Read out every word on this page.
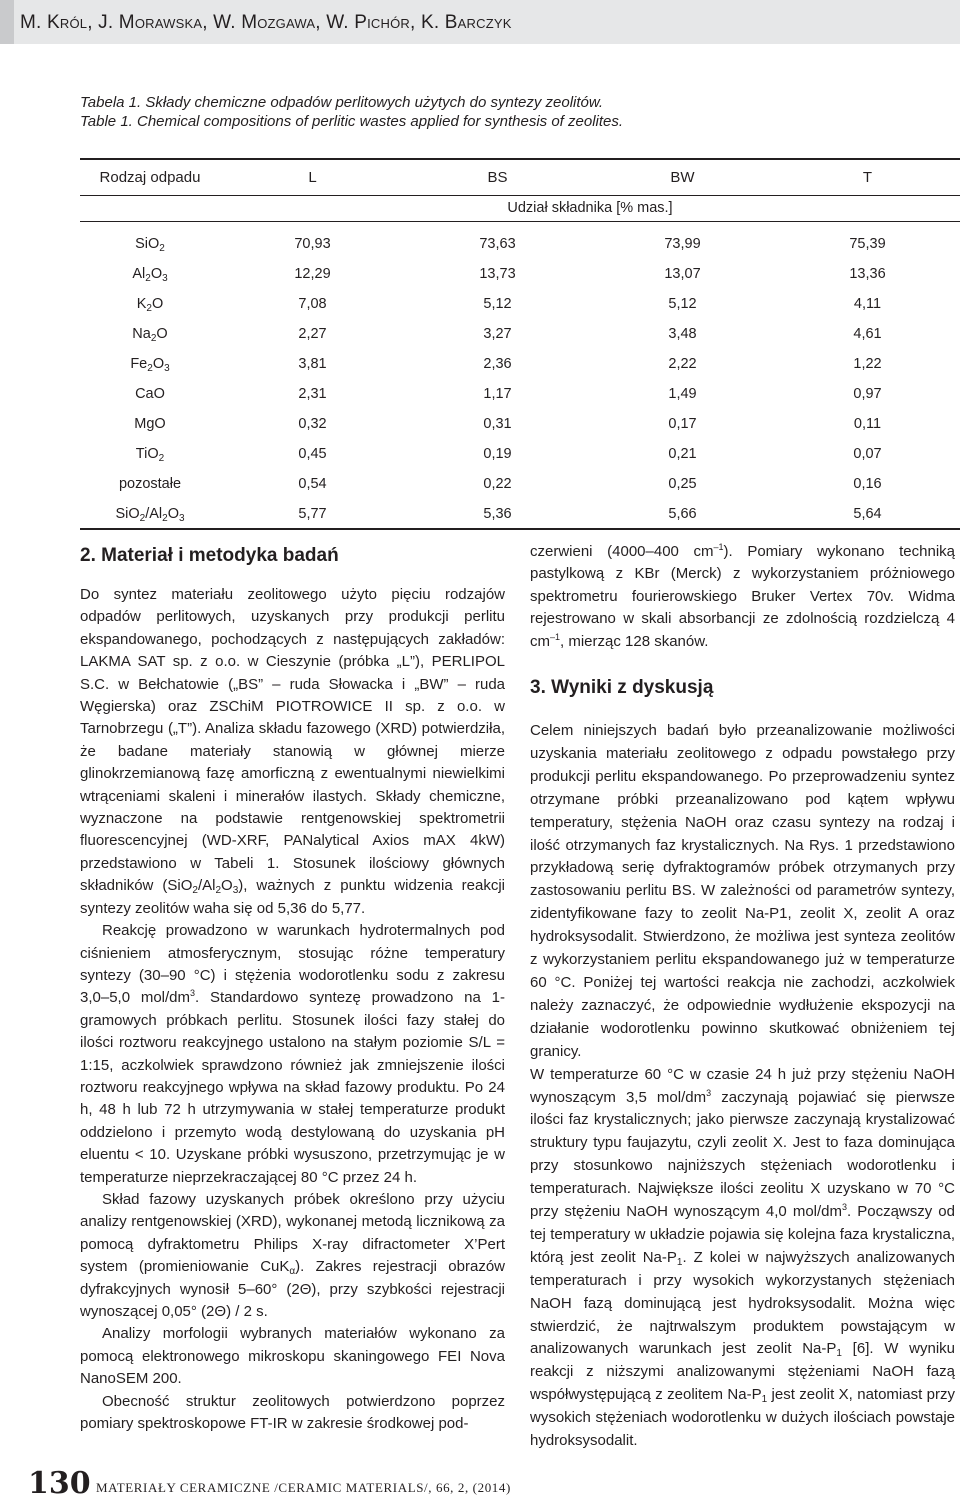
M. Król, J. Morawska, W. Mozgawa, W. Pichór, K. Barczyk
Tabela 1. Składy chemiczne odpadów perlitowych użytych do syntezy zeolitów.
Table 1. Chemical compositions of perlitic wastes applied for synthesis of zeolites.
Rodzaj odpadu	L	BS	BW	T
	Udział składnika [% mas.]			

SiO$_2$	70,93	73,63	73,99	75,39
$Al_2O_3$	12,29	13,73	13,07	13,36
$K_2O$	7,08	5,12	5,12	4,11
$Na_2O$	2,27	3,27	3,48	4,61
$Fe_2O_3$	3,81	2,36	2,22	1,22
CaO	2,31	1,17	1,49	0,97
MgO	0,32	0,31	0,17	0,11
TiO$_2$	0,45	0,19	0,21	0,07
pozostałe	0,54	0,22	0,25	0,16
$SiO_2/Al_2O_3$	5,77	5,36	5,66	5,64
2. Materiał i metodyka badań

Do syntez materiału zeolitowego użyto pięciu rodzajów odpadów perlitowych, uzyskanych przy produkcji perlitu ekspandowanego, pochodzących z następujących zakładów: LAKMA SAT sp. z o.o. w Cieszynie (próbka „L”), PERLIPOL S.C. w Bełchatowie („BS” – ruda Słowacka i „BW” – ruda Węgierska) oraz ZSChiM PIOTROWICE II sp. z o.o. w Tarnobrzegu („T”). Analiza składu fazowego (XRD) potwierdziła, że badane materiały stanowią w głównej mierze glinokrzemianową fazę amorficzną z ewentualnymi niewielkimi wtrąceniami skaleni i minerałów ilastych. Składy chemiczne, wyznaczone na podstawie rentgenowskiej spektrometrii fluorescencyjnej (WD-XRF, PANalytical Axios mAX 4kW) przedstawiono w Tabeli 1. Stosunek ilościowy głównych składników $(SiO_2/Al_2O_3)$, ważnych z punktu widzenia reakcji syntezy zeolitów waha się od 5,36 do 5,77.

Reakcję prowadzono w warunkach hydrotermalnych pod ciśnieniem atmosferycznym, stosując różne temperatury syntezy (30–90 °C) i stężenia wodorotlenku sodu z zakresu 3,0–5,0 mol/$dm^3$. Standardowo syntezę prowadzono na 1-gramowych próbkach perlitu. Stosunek ilości fazy stałej do ilości roztworu reakcyjnego ustalono na stałym poziomie S/L = 1:15, aczkolwiek sprawdzono również jak zmniejszenie ilości roztworu reakcyjnego wpływa na skład fazowy produktu. Po 24 h, 48 h lub 72 h utrzymywania w stałej temperaturze produkt oddzielono i przemyto wodą destylowaną do uzyskania pH eluentu < 10. Uzyskane próbki wysuszono, przetrzymując je w temperaturze nieprzekraczającej 80 °C przez 24 h.

Skład fazowy uzyskanych próbek określono przy użyciu analizy rentgenowskiej (XRD), wykonanej metodą licznikową za pomocą dyfraktometru Philips X-ray difractometer X’Pert system (promieniowanie CuK$_\alpha$). Zakres rejestracji obrazów dyfrakcyjnych wynosił 5–60° (2Θ), przy szybkości rejestracji wynoszącej 0,05° (2Θ) / 2 s.

Analizy morfologii wybranych materiałów wykonano za pomocą elektronowego mikroskopu skaningowego FEI Nova NanoSEM 200.

Obecność struktur zeolitowych potwierdzono poprzez pomiary spektroskopowe FT-IR w zakresie środkowej pod-

czerwieni (4000–400 $cm^{-1}$). Pomiary wykonano techniką pastylkową z KBr (Merck) z wykorzystaniem próżniowego spektrometru fourierowskiego Bruker Vertex 70v. Widma rejestrowano w skali absorbancji ze zdolnością rozdzielczą 4 $cm^{-1}$, mierząc 128 skanów.

3. Wyniki z dyskusją

Celem niniejszych badań było przeanalizowanie możliwości uzyskania materiału zeolitowego z odpadu powstałego przy produkcji perlitu ekspandowanego. Po przeprowadzeniu syntez otrzymane próbki przeanalizowano pod kątem wpływu temperatury, stężenia NaOH oraz czasu syntezy na rodzaj i ilość otrzymanych faz krystalicznych. Na Rys. 1 przedstawiono przykładową serię dyfraktogramów próbek otrzymanych przy zastosowaniu perlitu BS. W zależności od parametrów syntezy, zidentyfikowane fazy to zeolit Na-P1, zeolit X, zeolit A oraz hydroksysodalit. Stwierdzono, że możliwa jest synteza zeolitów z wykorzystaniem perlitu ekspandowanego już w temperaturze 60 °C. Poniżej tej wartości reakcja nie zachodzi, aczkolwiek należy zaznaczyć, że odpowiednie wydłużenie ekspozycji na działanie wodorotlenku powinno skutkować obniżeniem tej granicy.

W temperaturze 60 °C w czasie 24 h już przy stężeniu NaOH wynoszącym 3,5 mol/$dm^3$ zaczynają pojawiać się pierwsze ilości faz krystalicznych; jako pierwsze zaczynają krystalizować struktury typu faujazytu, czyli zeolit X. Jest to faza dominująca przy stosunkowo najniższych stężeniach wodorotlenku i temperaturach. Największe ilości zeolitu X uzyskano w 70 °C przy stężeniu NaOH wynoszącym 4,0 mol/$dm^3$. Począwszy od tej temperatury w układzie pojawia się kolejna faza krystaliczna, którą jest zeolit $Na-P_1$. Z kolei w najwyższych analizowanych temperaturach i przy wysokich wykorzystanych stężeniach NaOH fazą dominującą jest hydroksysodalit. Można więc stwierdzić, że najtrwalszym produktem powstającym w analizowanych warunkach jest zeolit $Na-P_1$ [6]. W wyniku reakcji z niższymi analizowanymi stężeniami NaOH fazą współwystępującą z zeolitem $Na-P_1$ jest zeolit X, natomiast przy wysokich stężeniach wodorotlenku w dużych ilościach powstaje hydroksysodalit.

130 MATERIAŁY CERAMICZNE /CERAMIC MATERIALS/, 66, 2, (2014)
